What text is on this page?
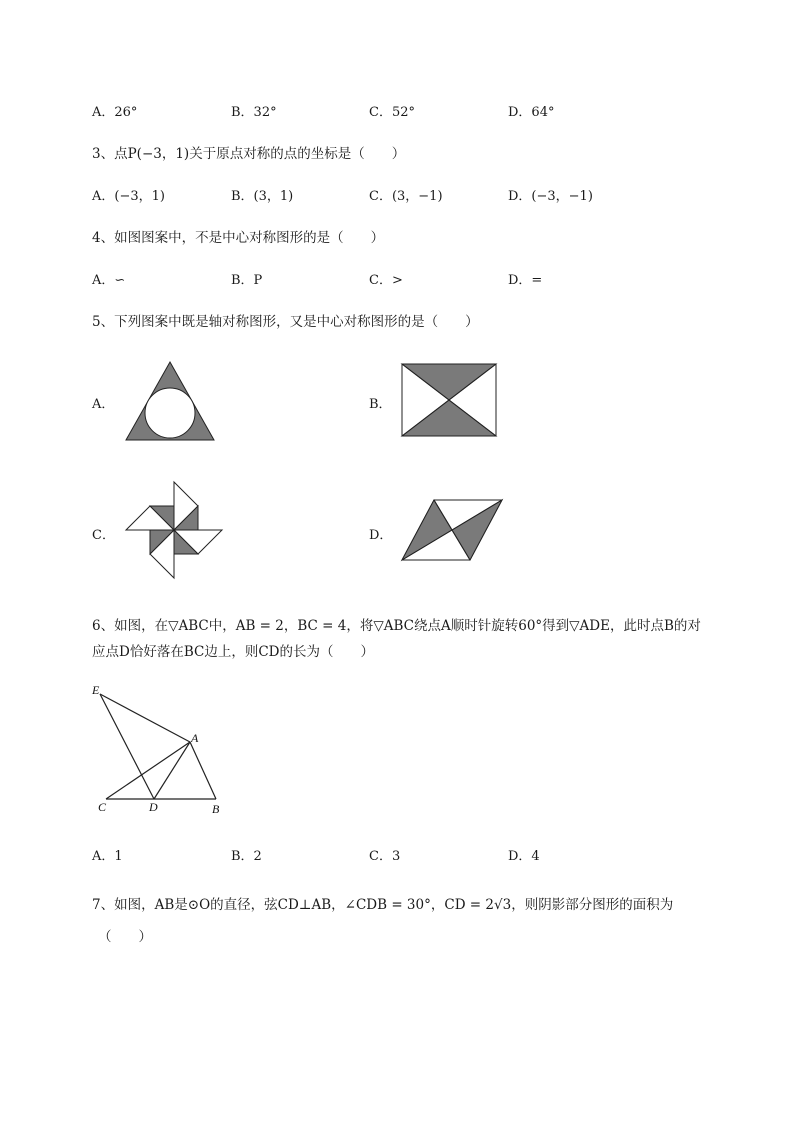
A．26°	B．32°	C．52°	D．64°
3、点P(−3，1)关于原点对称的点的坐标是（　　）
A．(−3，1)	B．(3，1)	C．(3，−1)	D．(−3，−1)
4、如图图案中，不是中心对称图形的是（　　）
A．∽	B．P	C．>	D．=
5、下列图案中既是轴对称图形，又是中心对称图形的是（　　）
A．	B．
C．	D．
6、如图，在▽ABC中，AB = 2，BC = 4，将▽ABC绕点A顺时针旋转60°得到▽ADE，此时点B的对
应点D恰好落在BC边上，则CD的长为（　　）
E
A
C	D	B
A．1	B．2	C．3	D．4
7、如图，AB是⊙O的直径，弦CD⊥AB，∠CDB = 30°，CD = 2√3，则阴影部分图形的面积为
（　　）
